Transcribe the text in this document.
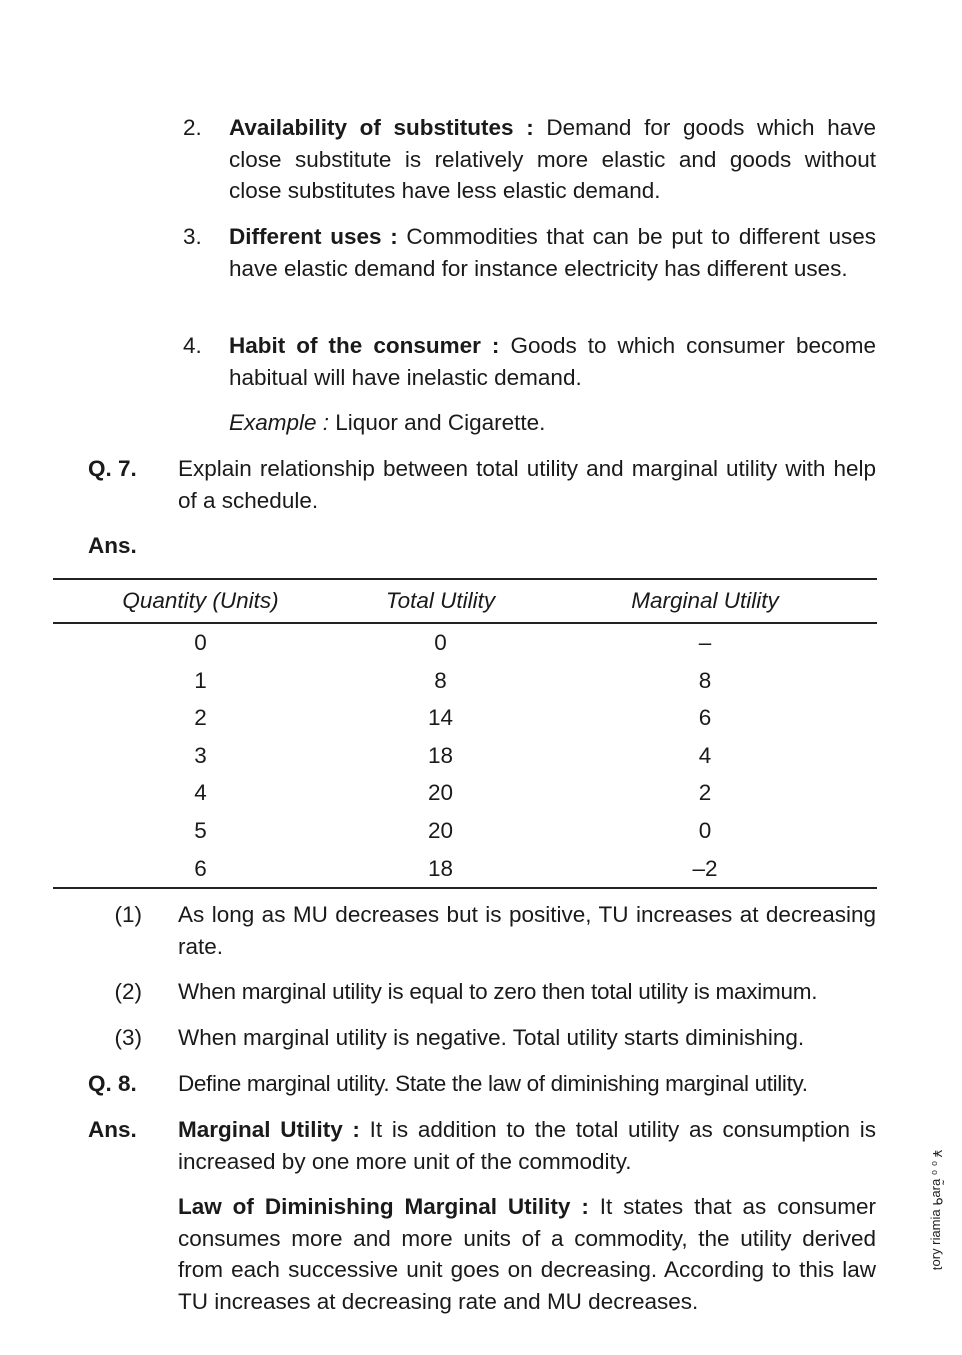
2. Availability of substitutes : Demand for goods which have close substitute is relatively more elastic and goods without close substitutes have less elastic demand.
3. Different uses : Commodities that can be put to different uses have elastic demand for instance electricity has different uses.
4. Habit of the consumer : Goods to which consumer become habitual will have inelastic demand.
Example : Liquor and Cigarette.
Q. 7. Explain relationship between total utility and marginal utility with help of a schedule.
Ans.
Quantity (Units)	Total Utility	Marginal Utility
0	0	–
1	8	8
2	14	6
3	18	4
4	20	2
5	20	0
6	18	–2
(1) As long as MU decreases but is positive, TU increases at decreasing rate.
(2) When marginal utility is equal to zero then total utility is maximum.
(3) When marginal utility is negative. Total utility starts diminishing.
Q. 8. Define marginal utility. State the law of diminishing marginal utility.
Ans. Marginal Utility : It is addition to the total utility as consumption is increased by one more unit of the commodity.
Law of Diminishing Marginal Utility : It states that as consumer consumes more and more units of a commodity, the utility derived from each successive unit goes on decreasing. According to this law TU increases at decreasing rate and MU decreases.
¥ ₀ ₀ ɐ̃ɹɐᑫ ɐᴉɯɐᴉɹ ʎɹoʇ
